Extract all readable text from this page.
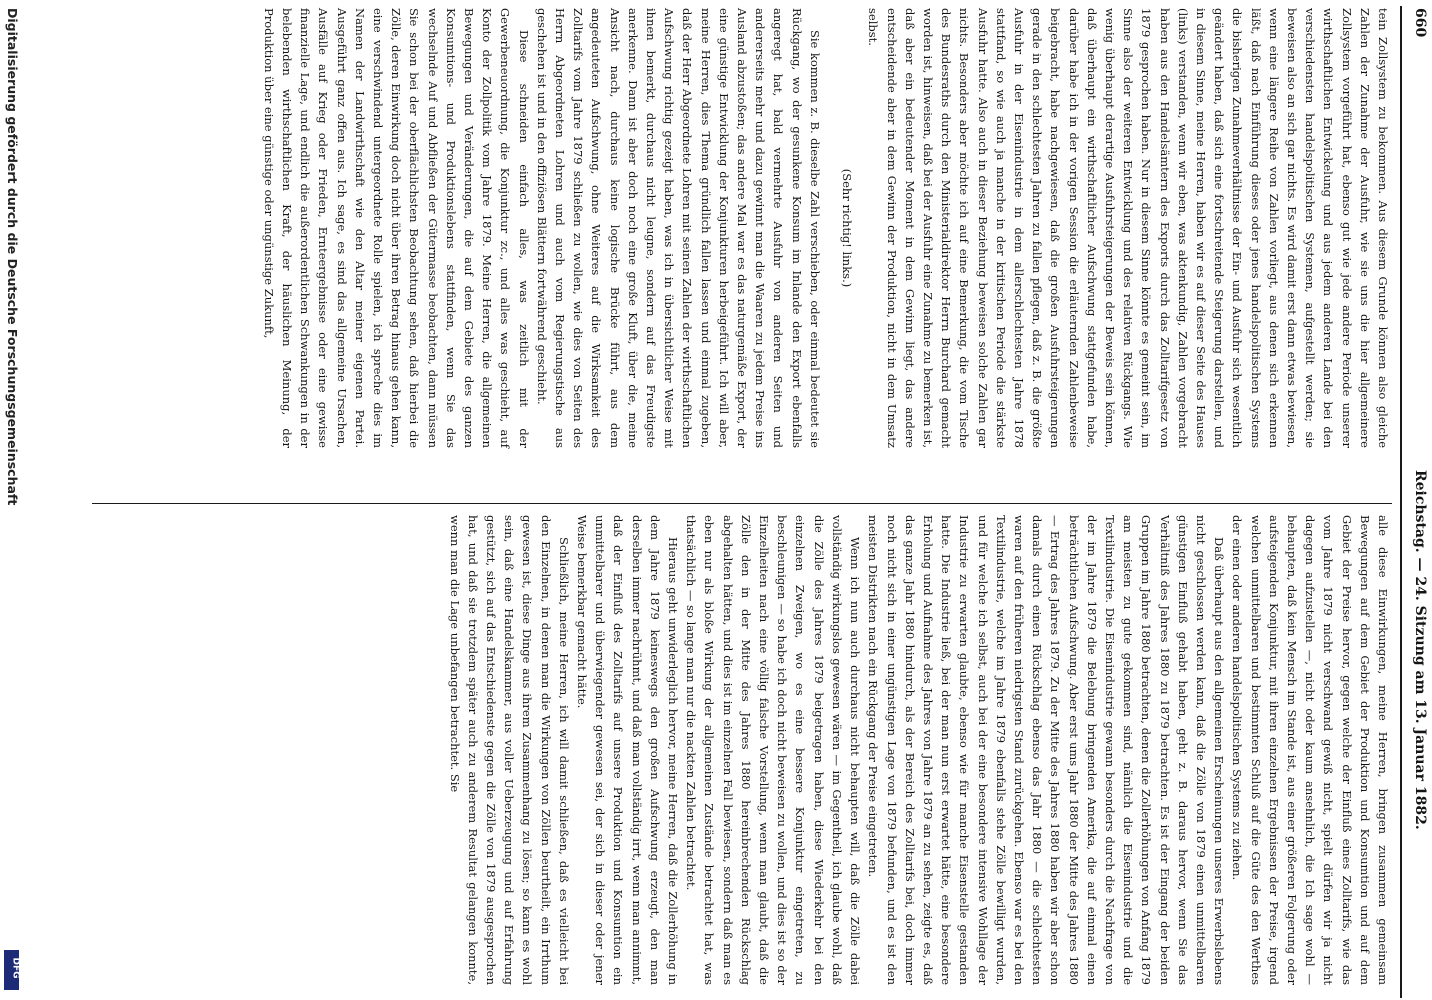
660
Reichstag. — 24. Sitzung am 13. Januar 1882.

tein Zollsystem zu bekommen. Aus diesem Grunde können also gleiche Zahlen der Zunahme der Ausfuhr, wie sie uns die hier allgemeinere Zollsystem vorgeführt hat, ebenso gut wie jede andere Periode unserer wirthschaftlichen Entwickelung und aus jedem anderen Lande bei den verschiedensten handelspolitischen Systemen, aufgestellt werden; sie beweisen also an sich gar nichts. Es wird damit erst dann etwas bewiesen, wenn eine längere Reihe von Zahlen vorliegt, aus denen sich erkennen läßt, daß nach Einführung dieses oder jenes handelspolitischen Systems die bisherigen Zunahmeverhältnisse der Ein- und Ausfuhr sich wesentlich geändert haben, daß sich eine fortschreitende Steigerung darstellen, und in diesem Sinne, meine Herren, haben wir es auf dieser Seite des Hauses (links) verstanden, wenn wir eben, was aktenkundig, Zahlen vorgebracht haben aus den Handelsämtern des Exports durch das Zolltarifgesetz von 1879 gesprochen haben. Nur in diesem Sinne könnte es gemeint sein, im Sinne also der weiteren Entwicklung und des relativen Rückgangs. Wie wenig überhaupt derartige Ausfuhrsteigerungen der Beweis sein können, daß überhaupt ein wirthschaftlicher Aufschwung stattgefunden habe, darüber habe ich in der vorigen Session die erläuternden Zahlenbeweise beigebracht, habe nachgewiesen, daß die großen Ausfuhrsteigerungen gerade in den schlechtesten Jahren zu fallen pflegen, daß z. B. die größte Ausfuhr in der Eisenindustrie in dem allerschlechtesten Jahre 1878 stattfand, so wie auch ja manche in der kritischen Periode die stärkste Ausfuhr hatte. Also auch in dieser Beziehung beweisen solche Zahlen gar nichts. Besonders aber möchte ich auf eine Bemerkung, die vom Tische des Bundesraths durch den Ministerialdirektor Herrn Burchard gemacht worden ist, hinweisen, daß bei der Ausfuhr eine Zunahme zu bemerken ist, daß aber ein bedeutender Moment in dem Gewinn liegt, das andere entscheidende aber in dem Gewinn der Produktion, nicht in dem Umsatz selbst.

(Sehr richtig! links.)

Sie kommen z. B. dieselbe Zahl verschieben, oder einmal bedeutet sie Rückgang, wo der gesunkene Konsum im Inlande den Export ebenfalls angeregt hat, bald vermehrte Ausfuhr von anderen Seiten und andererseits mehr und dazu gewinnt man die Waaren zu jedem Preise ins Ausland abzustoßen; das andere Mal war es das naturgemäße Export, der eine günstige Entwicklung der Konjunkturen herbeigeführt. Ich will aber, meine Herren, dies Thema gründlich fallen lassen und einmal zugeben, daß der Herr Abgeordnete Lohren mit seinen Zahlen der wirthschaftlichen Aufschwung richtig gezeigt haben, was ich in übersichtlicher Weise mit ihnen bemerkt, durchaus nicht leugne, sondern auf das Freudigste anerkenne. Dann ist aber doch noch eine große Kluft, über die, meine Ansicht nach, durchaus keine logische Brücke führt, aus dem angedeuteten Aufschwung, ohne Weiteres auf die Wirksamkeit des Zolltarifs vom Jahre 1879 schließen zu wollen, wie dies von Seiten des Herrn Abgeordneten Lohren und auch vom Regierungstische aus geschehen ist und in den offiziösen Blättern fortwährend geschieht.

Diese schneiden einfach alles, was zeitlich mit der Gewerbeneuordnung, die Konjunktur zc., und alles was geschieht, auf Konto der Zollpolitik vom Jahre 1879. Meine Herren, die allgemeinen Bewegungen und Veränderungen, die auf dem Gebiete des ganzen Konsumtions- und Produktionslebens stattfinden, wenn Sie das wechselnde Auf und Abfließen der Gütermasse beobachten, dann müssen Sie schon bei der oberflächlichsten Beobachtung sehen, daß hierbei die Zölle, deren Einwirkung doch nicht über ihren Betrag hinaus gehen kann, eine verschwindend untergeordnete Rolle spielen, ich spreche dies im Namen der Landwirthschaft wie den Altar meiner eigenen Partei. Ausgeführt ganz offen aus. Ich sage, es sind das allgemeine Ursachen, Ausfälle auf Krieg oder Frieden, Ernteergebnisse oder eine gewisse finanzielle Lage, und endlich die außerordentlichen Schwankungen in der belebenden wirthschaftlichen Kraft, der häuslichen Meinung, der Produktion über eine günstige oder ungünstige Zukunft,

alle diese Einwirkungen, meine Herren, bringen zusammen gemeinsam Bewegungen auf dem Gebiet der Produktion und Konsumtion und auf dem Gebiet der Preise hervor, gegen welche der Einfluß eines Zolltarifs, wie das vom Jahre 1879 nicht verschwand gewiß nicht, spielt dürfen wir ja nicht dagegen aufzustellen —, nicht oder kaum ansehnlich, die Ich sage wohl — behaupten, daß kein Mensch im Stande ist, aus einer größeren Folgerung oder aufsteigenden Konjunktur, mit ihren einzelnen Ergebnissen der Preise, irgend welchen unmittelbaren und bestimmten Schluß auf die Güte des den Werthes der einen oder anderen handelspolitischen Systems zu ziehen.

Daß überhaupt aus den allgemeinen Erscheinungen unseres Erwerbslebens nicht geschlossen werden kann, daß die Zölle von 1879 einen unmittelbaren günstigen Einfluß gehabt haben, geht z. B. daraus hervor, wenn Sie das Verhältniß des Jahres 1880 zu 1879 betrachten. Es ist der Eingang der beiden Gruppen im Jahre 1880 betrachten, denen die Zollerhöhungen von Anfang 1879 am meisten zu gute gekommen sind, nämlich die Eisenindustrie und die Textilindustrie. Die Eisenindustrie gewann besonders durch die Nachfrage von der im Jahre 1879 die Belebung bringenden Amerika, die auf einmal einen beträchtlichen Aufschwung. Aber erst ums Jahr 1880 der Mitte des Jahres 1880 — Ertrag des Jahres 1879. Zu der Mitte des Jahres 1880 haben wir aber schon damals durch einen Rückschlag ebenso das Jahr 1880 — die schlechtesten waren auf den früheren niedrigsten Stand zurückgehen. Ebenso war es bei den Textilindustrie, welche im Jahre 1879 ebenfalls stehe Zölle bewilligt wurden, und für welche ich selbst, auch bei der eine besondere intensive Wohllage der Industrie zu erwarten glaubte, ebenso wie für manche Eisenstelle gestanden hatte. Die Industrie ließ, bei der man nun erst erwartet hätte, eine besondere Erholung und Aufnahme des Jahres von Jahre 1879 an zu sehen, zeigte es, daß das ganze Jahr 1880 hindurch, als der Bereich des Zolltarifs bei, doch immer noch nicht sich in einer ungünstigen Lage von 1879 befunden, und es ist den meisten Distrikten nach ein Rückgang der Preise eingetreten.

Wenn ich nun auch durchaus nicht behaupten will, daß die Zölle dabei vollständig wirkungslos gewesen wären — im Gegentheil, ich glaube wohl, daß die Zölle des Jahres 1879 beigetragen haben, diese Wiederkehr bei den einzelnen Zweigen, wo es eine bessere Konjunktur eingetreten, zu beschleunigen — so habe ich doch nicht beweisen zu wollen, und dies ist so der Einzelheiten nach eine völlig falsche Vorstellung, wenn man glaubt, daß die Zölle den in der Mitte des Jahres 1880 hereinbrechenden Rückschlag abgehalten hätten, und dies ist im einzelnen Fall bewiesen, sondern daß man es eben nur als bloße Wirkung der allgemeinen Zustände betrachtet hat, was thatsächlich — so lange man nur die nackten Zahlen betrachtet.

Hieraus geht unwiderleglich hervor, meine Herren, daß die Zollerhöhung in dem Jahre 1879 keineswegs den großen Aufschwung erzeugt, den man derselben immer nachrühmt, und daß man vollständig irrt, wenn man annimmt, daß der Einfluß des Zolltarifs auf unsere Produktion und Konsumtion ein unmittelbarer und überwiegender gewesen sei, der sich in dieser oder jener Weise bemerkbar gemacht hätte.

Schließlich, meine Herren, ich will damit schließen, daß es vielleicht bei den Einzelnen, in denen man die Wirkungen von Zöllen beurtheilt, ein Irrthum gewesen ist, diese Dinge aus ihrem Zusammenhang zu lösen; so kann es wohl sein, daß eine Handelskammer, aus voller Ueberzeugung und auf Erfahrung gestützt, sich auf das Entschiedenste gegen die Zölle von 1879 ausgesprochen hat, und daß sie trotzdem später auch zu anderem Resultat gelangen konnte, wenn man die Lage unbefangen betrachtet. Sie

Digitalisierung gefördert durch die Deutsche Forschungsgemeinschaft
DFG
